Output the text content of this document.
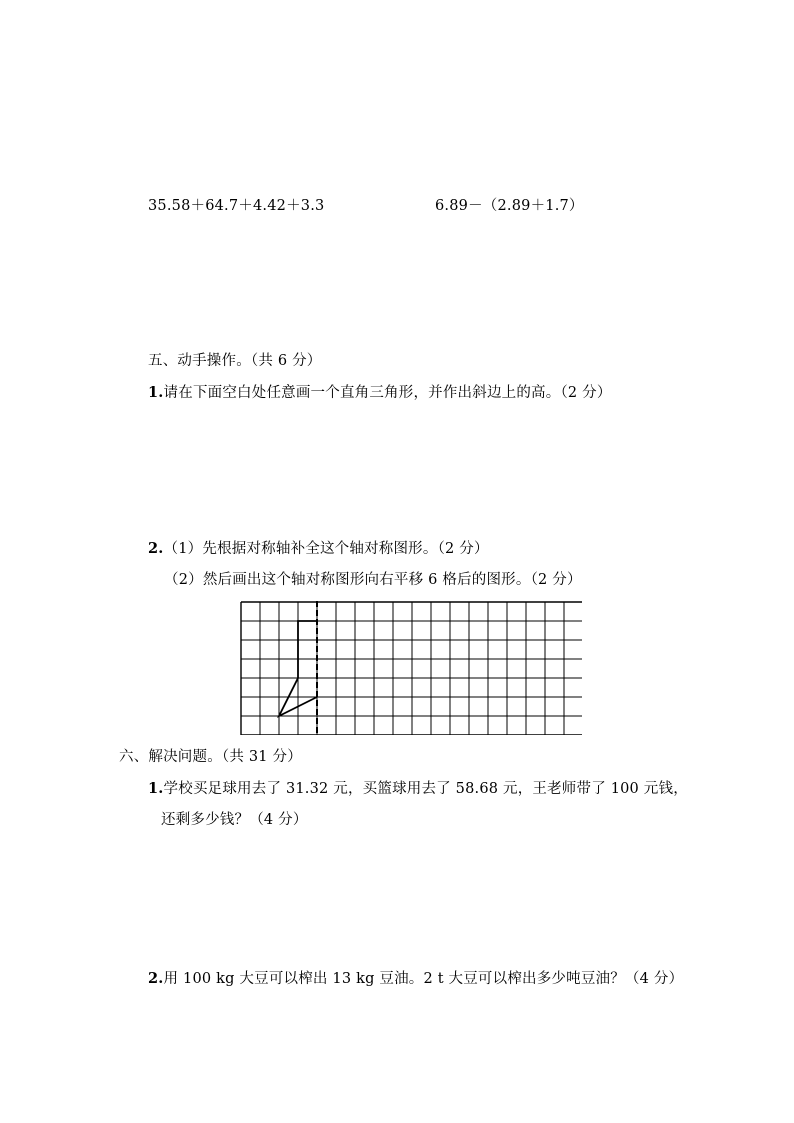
35.58＋64.7＋4.42＋3.3	6.89－（2.89＋1.7）
五、动手操作。（共 6 分）
1.请在下面空白处任意画一个直角三角形，并作出斜边上的高。（2 分）
2.（1）先根据对称轴补全这个轴对称图形。（2 分）
（2）然后画出这个轴对称图形向右平移 6 格后的图形。（2 分）
六、解决问题。（共 31 分）
1.学校买足球用去了 31.32 元，买篮球用去了 58.68 元，王老师带了 100 元钱，
还剩多少钱？（4 分）
2.用 100 kg 大豆可以榨出 13 kg 豆油。2 t 大豆可以榨出多少吨豆油？（4 分）
